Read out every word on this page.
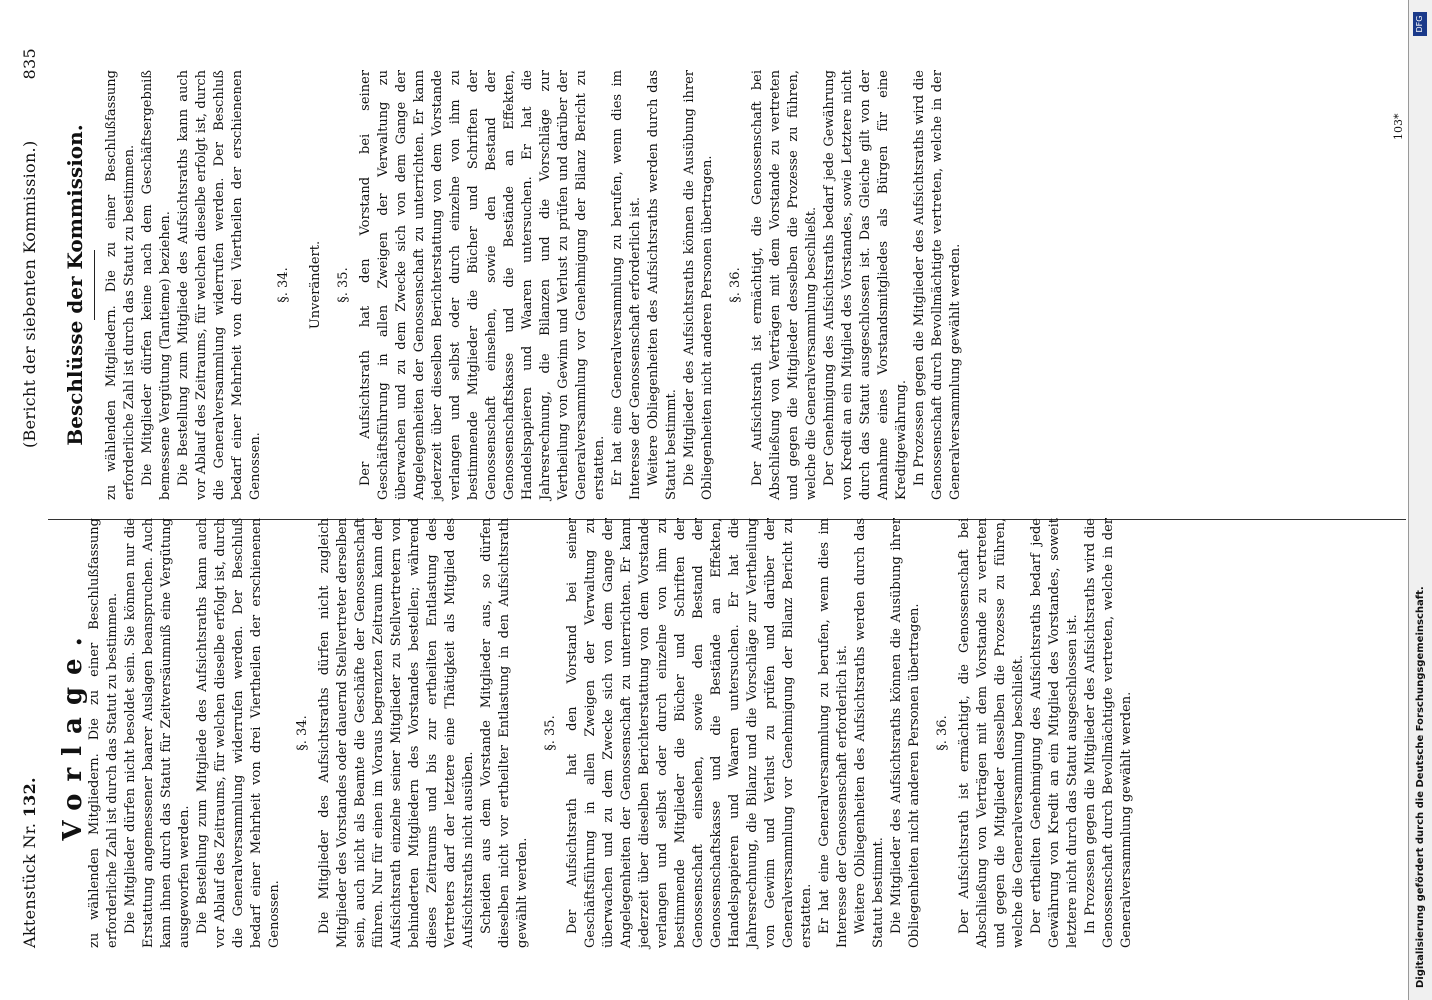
Aktenstück Nr. 132.
(Bericht der siebenten Kommission.)
835
Vorlage. zu wählenden Mitgliedern. Die zu einer Beschlußfassung erforderliche Zahl ist durch das Statut zu bestimmen. Die Mitglieder dürfen nicht besoldet sein. Sie können nur die Erstattung angemessener baarer Auslagen beanspruchen. Auch kann ihnen durch das Statut für Zeitversäumniß eine Vergütung ausgeworfen werden. Die Bestellung zum Mitgliede des Aufsichtsraths kann auch vor Ablauf des Zeitraums, für welchen dieselbe erfolgt ist, durch die Generalversammlung widerrufen werden. Der Beschluß bedarf einer Mehrheit von drei Viertheilen der erschienenen Genossen.

§. 34. Die Mitglieder des Aufsichtsraths dürfen nicht zugleich Mitglieder des Vorstandes oder dauernd Stellvertreter derselben sein, auch nicht als Beamte die Geschäfte der Genossenschaft führen. Nur für einen im Voraus begrenzten Zeitraum kann der Aufsichtsrath einzelne seiner Mitglieder zu Stellvertretern von behinderten Mitgliedern des Vorstandes bestellen; während dieses Zeitraums und bis zur ertheilten Entlastung des Vertreters darf der letztere eine Thätigkeit als Mitglied des Aufsichtsraths nicht ausüben. Scheiden aus dem Vorstande Mitglieder aus, so dürfen dieselben nicht vor ertheilter Entlastung in den Aufsichtsrath gewählt werden.

§. 35. Der Aufsichtsrath hat den Vorstand bei seiner Geschäftsführung in allen Zweigen der Verwaltung zu überwachen und zu dem Zwecke sich von dem Gange der Angelegenheiten der Genossenschaft zu unterrichten. Er kann jederzeit über dieselben Berichterstattung von dem Vorstande verlangen und selbst oder durch einzelne von ihm zu bestimmende Mitglieder die Bücher und Schriften der Genossenschaft einsehen, sowie den Bestand der Genossenschaftskasse und die Bestände an Effekten, Handelspapieren und Waaren untersuchen. Er hat die Jahresrechnung, die Bilanz und die Vorschläge zur Vertheilung von Gewinn und Verlust zu prüfen und darüber der Generalversammlung vor Genehmigung der Bilanz Bericht zu erstatten. Er hat eine Generalversammlung zu berufen, wenn dies im Interesse der Genossenschaft erforderlich ist. Weitere Obliegenheiten des Aufsichtsraths werden durch das Statut bestimmt. Die Mitglieder des Aufsichtsraths können die Ausübung ihrer Obliegenheiten nicht anderen Personen übertragen. §. 36. Der Aufsichtsrath ist ermächtigt, die Genossenschaft bei Abschließung von Verträgen mit dem Vorstande zu vertreten und gegen die Mitglieder desselben die Prozesse zu führen, welche die Generalversammlung beschließt. Der ertheilten Genehmigung des Aufsichtsraths bedarf jede Gewährung von Kredit an ein Mitglied des Vorstandes, soweit letztere nicht durch das Statut ausgeschlossen ist. In Prozessen gegen die Mitglieder des Aufsichtsraths wird die Genossenschaft durch Bevollmächtigte vertreten, welche in der Generalversammlung gewählt werden.

Beschlüsse der Kommission. zu wählenden Mitgliedern. Die zu einer Beschlußfassung erforderliche Zahl ist durch das Statut zu bestimmen. Die Mitglieder dürfen keine nach dem Geschäftsergebniß bemessene Vergütung (Tantieme) beziehen. Die Bestellung zum Mitgliede des Aufsichtsraths kann auch vor Ablauf des Zeitraums, für welchen dieselbe erfolgt ist, durch die Generalversammlung widerrufen werden. Der Beschluß bedarf einer Mehrheit von drei Viertheilen der erschienenen Genossen.

§. 34. Unverändert. §. 35. Der Aufsichtsrath hat den Vorstand bei seiner Geschäftsführung in allen Zweigen der Verwaltung zu überwachen und zu dem Zwecke sich von dem Gange der Angelegenheiten der Genossenschaft zu unterrichten. Er kann jederzeit über dieselben Berichterstattung von dem Vorstande verlangen und selbst oder durch einzelne von ihm zu bestimmende Mitglieder die Bücher und Schriften der Genossenschaft einsehen, sowie den Bestand der Genossenschaftskasse und die Bestände an Effekten, Handelspapieren und Waaren untersuchen. Er hat die Jahresrechnung, die Bilanzen und die Vorschläge zur Vertheilung von Gewinn und Verlust zu prüfen und darüber der Generalversammlung vor Genehmigung der Bilanz Bericht zu erstatten. Er hat eine Generalversammlung zu berufen, wenn dies im Interesse der Genossenschaft erforderlich ist. Weitere Obliegenheiten des Aufsichtsraths werden durch das Statut bestimmt. Die Mitglieder des Aufsichtsraths können die Ausübung ihrer Obliegenheiten nicht anderen Personen übertragen. §. 36. Der Aufsichtsrath ist ermächtigt, die Genossenschaft bei Abschließung von Verträgen mit dem Vorstande zu vertreten und gegen die Mitglieder desselben die Prozesse zu führen, welche die Generalversammlung beschließt. Der Genehmigung des Aufsichtsraths bedarf jede Gewährung von Kredit an ein Mitglied des Vorstandes, sowie Letztere nicht durch das Statut ausgeschlossen ist. Das Gleiche gilt von der Annahme eines Vorstandsmitgliedes als Bürgen für eine Kreditgewährung. In Prozessen gegen die Mitglieder des Aufsichtsraths wird die Genossenschaft durch Bevollmächtigte vertreten, welche in der Generalversammlung gewählt werden.

103*
Digitalisierung gefördert durch die Deutsche Forschungsgemeinschaft.
DFG
